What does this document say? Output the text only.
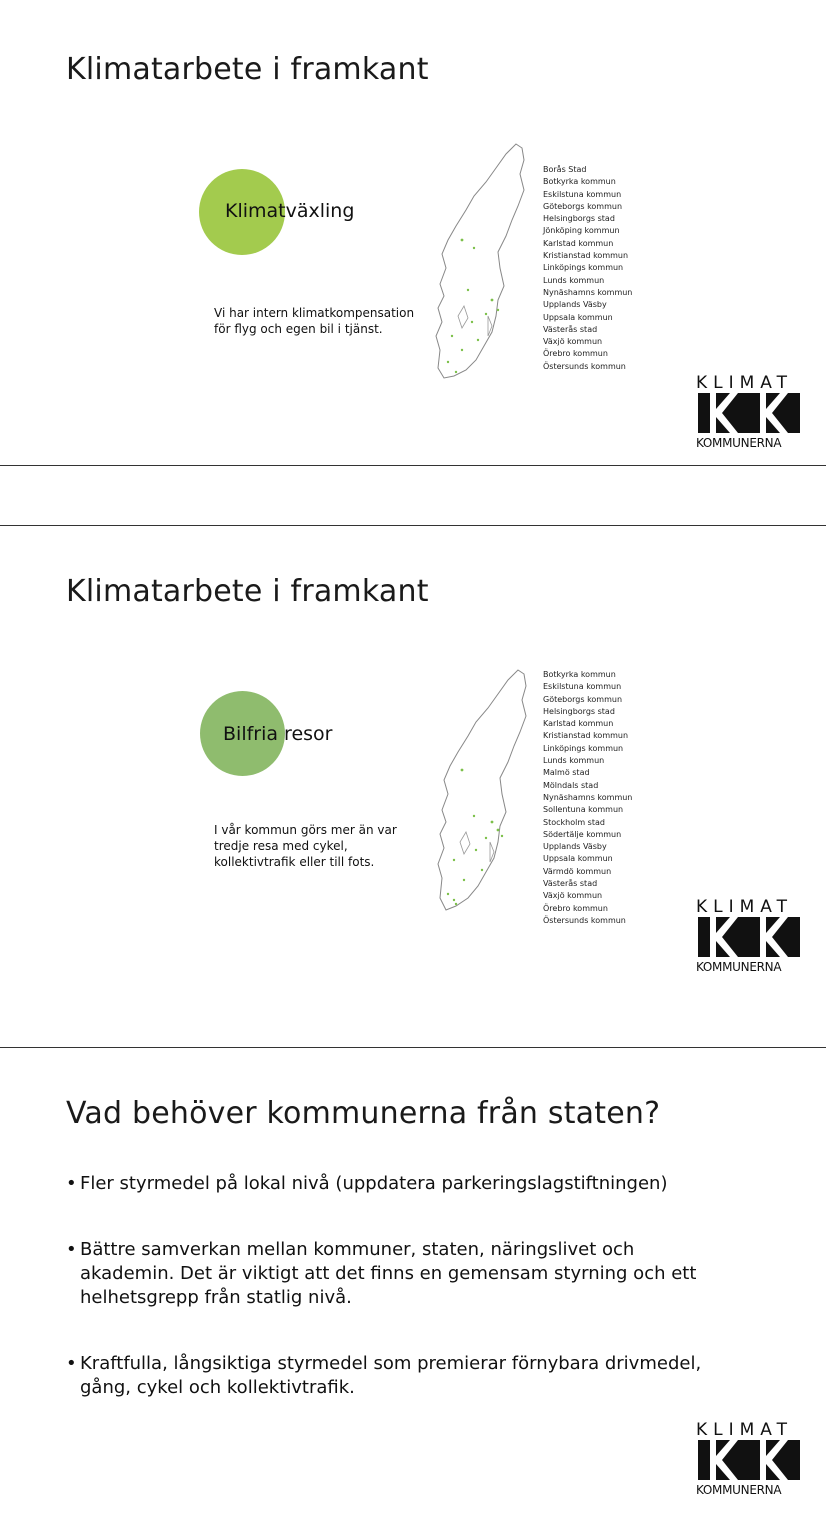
Klimatarbete i framkant
Klimatväxling
Vi har intern klimatkompensation
för flyg och egen bil i tjänst.
Borås Stad
Botkyrka kommun
Eskilstuna kommun
Göteborgs kommun
Helsingborgs stad
Jönköping kommun
Karlstad kommun
Kristianstad kommun
Linköpings kommun
Lunds kommun
Nynäshamns kommun
Upplands Väsby
Uppsala kommun
Västerås stad
Växjö kommun
Örebro kommun
Östersunds kommun
KLIMAT
KOMMUNERNA
Klimatarbete i framkant
Bilfria resor
I vår kommun görs mer än var
tredje resa med cykel,
kollektivtrafik eller till fots.
Botkyrka kommun
Eskilstuna kommun
Göteborgs kommun
Helsingborgs stad
Karlstad kommun
Kristianstad kommun
Linköpings kommun
Lunds kommun
Malmö stad
Mölndals stad
Nynäshamns kommun
Sollentuna kommun
Stockholm stad
Södertälje kommun
Upplands Väsby
Uppsala kommun
Värmdö kommun
Västerås stad
Växjö kommun
Örebro kommun
Östersunds kommun
KLIMAT
KOMMUNERNA
Vad behöver kommunerna från staten?
• Fler styrmedel på lokal nivå (uppdatera parkeringslagstiftningen)
• Bättre samverkan mellan kommuner, staten, näringslivet och
akademin. Det är viktigt att det finns en gemensam styrning och ett
helhetsgrepp från statlig nivå.
• Kraftfulla, långsiktiga styrmedel som premierar förnybara drivmedel,
gång, cykel och kollektivtrafik.
KLIMAT
KOMMUNERNA
